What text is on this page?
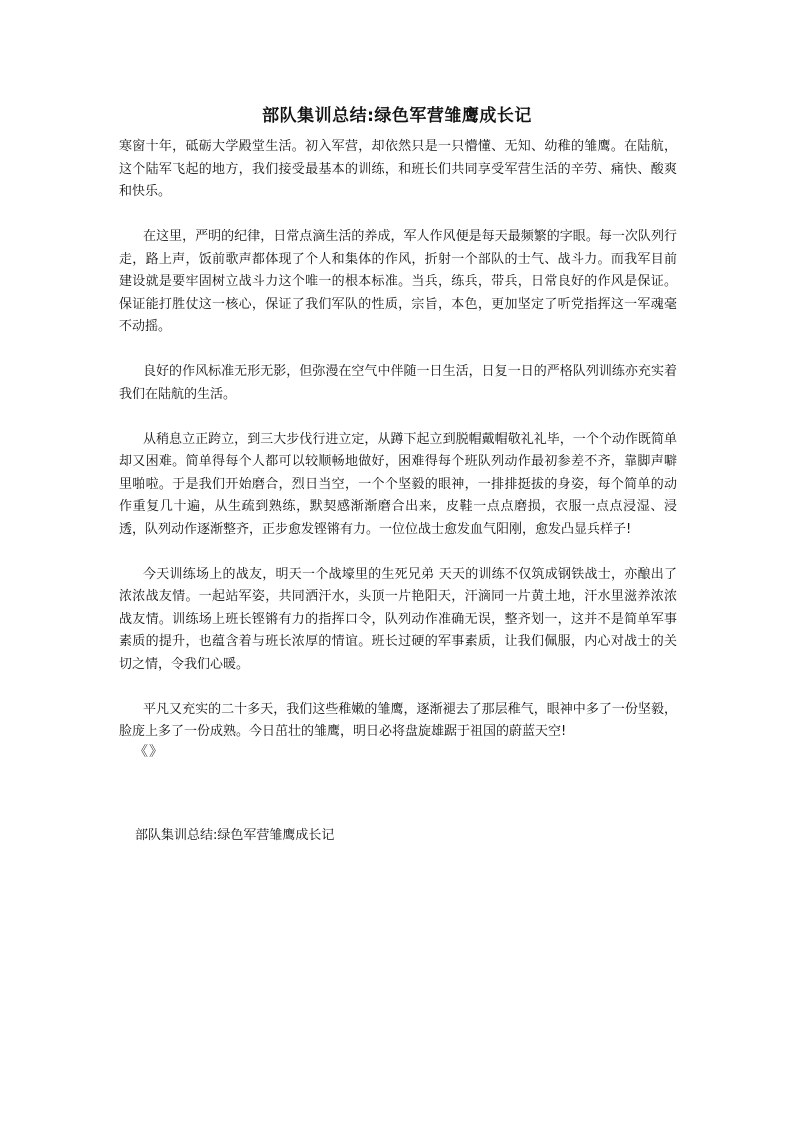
部队集训总结:绿色军营雏鹰成长记

寒窗十年，砥砺大学殿堂生活。初入军营，却依然只是一只懵懂、无知、幼稚的雏鹰。在陆航，这个陆军飞起的地方，我们接受最基本的训练，和班长们共同享受军营生活的辛劳、痛快、酸爽和快乐。

在这里，严明的纪律，日常点滴生活的养成，军人作风便是每天最频繁的字眼。每一次队列行走，路上声，饭前歌声都体现了个人和集体的作风，折射一个部队的士气、战斗力。而我军目前建设就是要牢固树立战斗力这个唯一的根本标准。当兵，练兵，带兵，日常良好的作风是保证。保证能打胜仗这一核心，保证了我们军队的性质，宗旨，本色，更加坚定了听党指挥这一军魂毫不动摇。

良好的作风标准无形无影，但弥漫在空气中伴随一日生活，日复一日的严格队列训练亦充实着我们在陆航的生活。

从稍息立正跨立，到三大步伐行进立定，从蹲下起立到脱帽戴帽敬礼礼毕，一个个动作既简单却又困难。简单得每个人都可以较顺畅地做好，困难得每个班队列动作最初参差不齐，靠脚声噼里啪啦。于是我们开始磨合，烈日当空，一个个坚毅的眼神，一排排挺拔的身姿，每个简单的动作重复几十遍，从生疏到熟练，默契感渐渐磨合出来，皮鞋一点点磨损，衣服一点点浸湿、浸透，队列动作逐渐整齐，正步愈发铿锵有力。一位位战士愈发血气阳刚，愈发凸显兵样子!

今天训练场上的战友，明天一个战壕里的生死兄弟 天天的训练不仅筑成钢铁战士，亦酿出了浓浓战友情。一起站军姿，共同洒汗水，头顶一片艳阳天，汗滴同一片黄土地，汗水里滋养浓浓战友情。训练场上班长铿锵有力的指挥口令，队列动作准确无误，整齐划一，这并不是简单军事素质的提升，也蕴含着与班长浓厚的情谊。班长过硬的军事素质，让我们佩服，内心对战士的关切之情，令我们心暖。

平凡又充实的二十多天，我们这些稚嫩的雏鹰，逐渐褪去了那层稚气，眼神中多了一份坚毅，脸庞上多了一份成熟。今日茁壮的雏鹰，明日必将盘旋雄踞于祖国的蔚蓝天空!

《》
部队集训总结:绿色军营雏鹰成长记
